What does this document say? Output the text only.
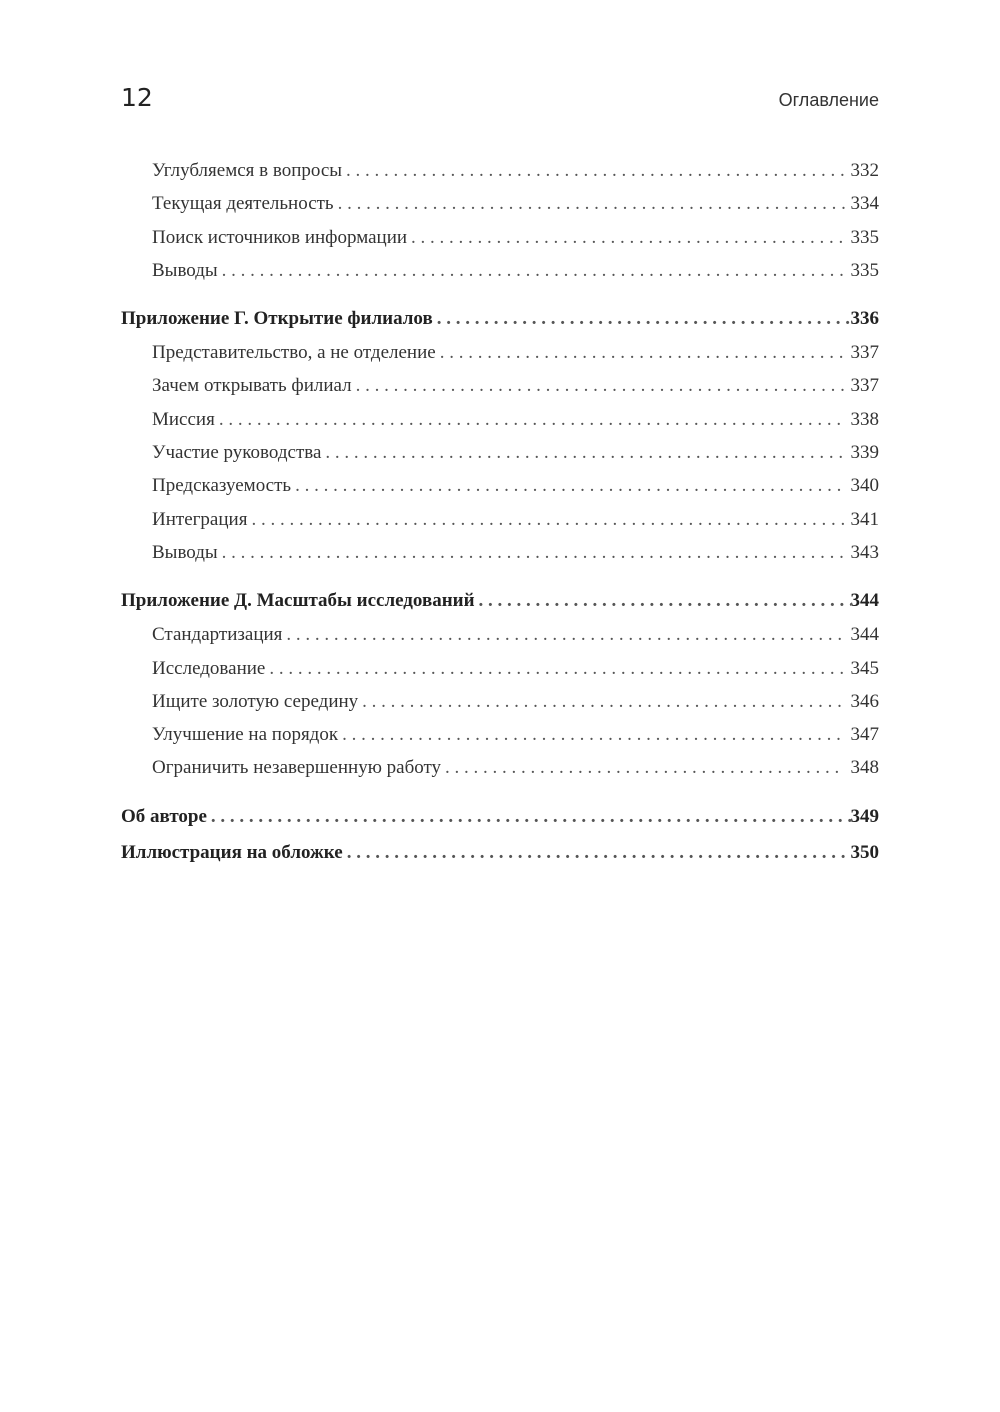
12	Оглавление
Углубляемся в вопросы . . .	332
Текущая деятельность . . .	334
Поиск источников информации . . .	335
Выводы . . .	335
Приложение Г. Открытие филиалов . . .	336
Представительство, а не отделение . . .	337
Зачем открывать филиал . . .	337
Миссия . . .	338
Участие руководства . . .	339
Предсказуемость . . .	340
Интеграция . . .	341
Выводы . . .	343
Приложение Д. Масштабы исследований . . .	344
Стандартизация . . .	344
Исследование . . .	345
Ищите золотую середину . . .	346
Улучшение на порядок . . .	347
Ограничить незавершенную работу . . .	348
Об авторе . . .	349
Иллюстрация на обложке . . .	350
